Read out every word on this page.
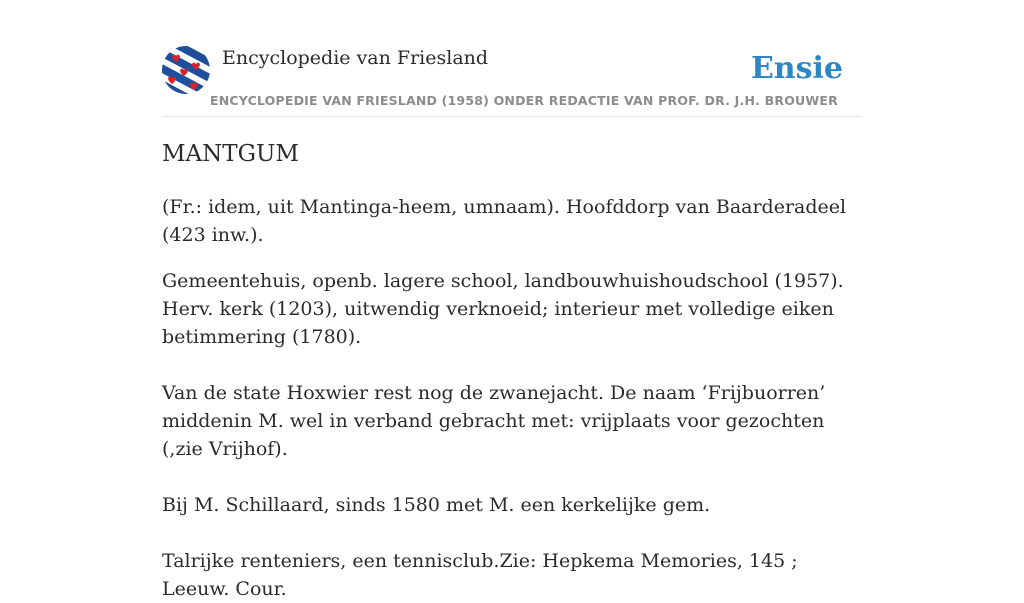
Encyclopedie van Friesland	Ensie
ENCYCLOPEDIE VAN FRIESLAND (1958) ONDER REDACTIE VAN PROF. DR. J.H. BROUWER
MANTGUM

(Fr.: idem, uit Mantinga-heem, umnaam). Hoofddorp van Baarderadeel (423 inw.).

Gemeentehuis, openb. lagere school, landbouwhuishoudschool (1957). Herv. kerk (1203), uitwendig verknoeid; interieur met volledige eiken betimmering (1780).

Van de state Hoxwier rest nog de zwanejacht. De naam ‘Frijbuorren’ middenin M. wel in verband gebracht met: vrijplaats voor gezochten (,zie Vrijhof).

Bij M. Schillaard, sinds 1580 met M. een kerkelijke gem.

Talrijke renteniers, een tennisclub.Zie: Hepkema Memories, 145 ; Leeuw. Cour.
